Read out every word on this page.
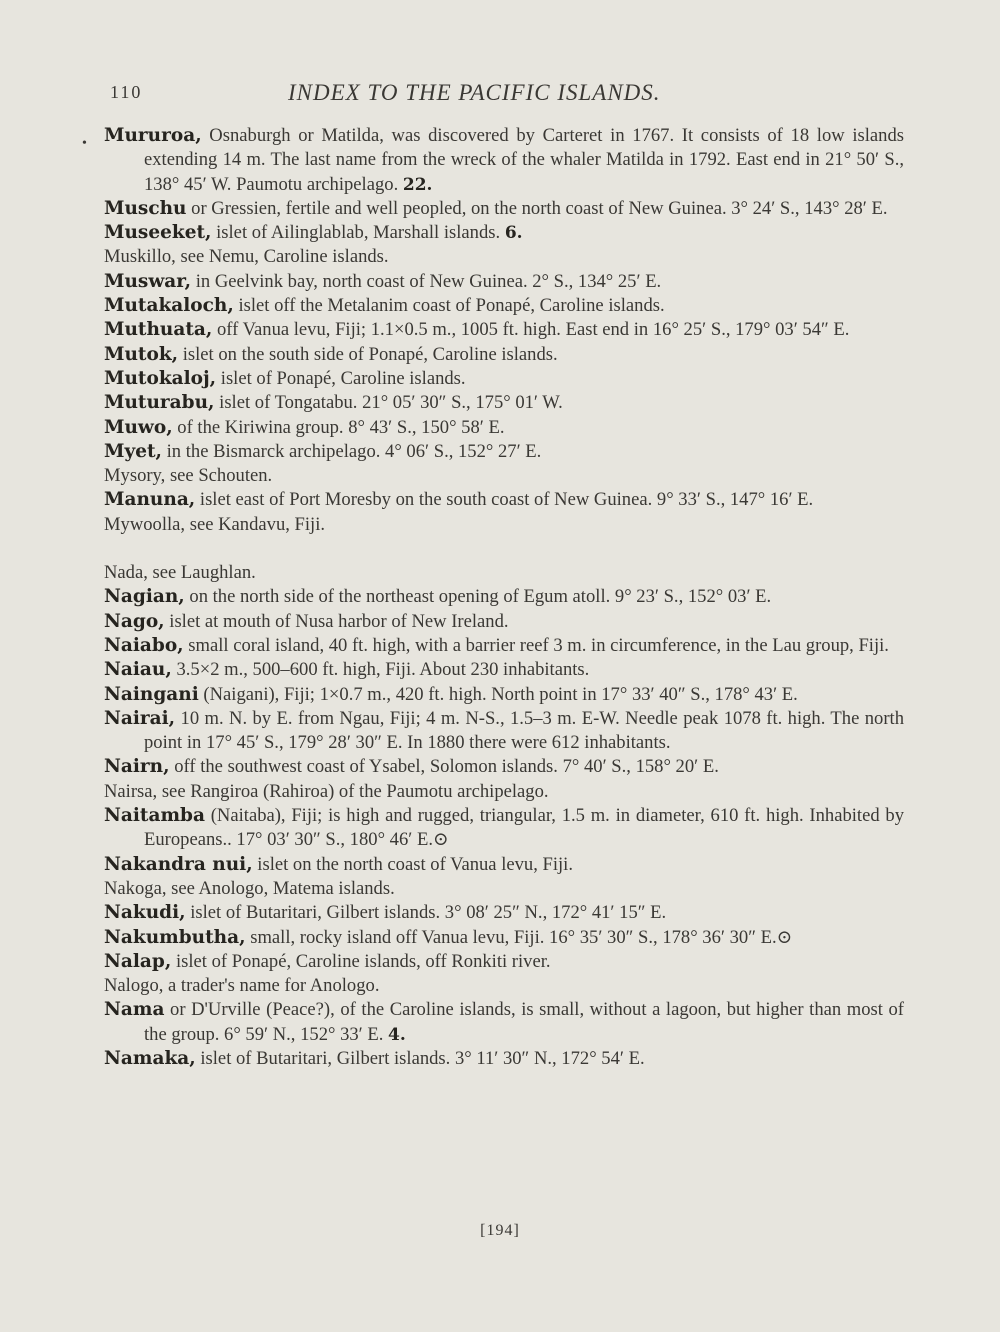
110	INDEX TO THE PACIFIC ISLANDS.
• Mururoa, Osnaburgh or Matilda, was discovered by Carteret in 1767. It consists of 18 low islands extending 14 m. The last name from the wreck of the whaler Matilda in 1792. East end in 21° 50′ S., 138° 45′ W. Paumotu archipelago. 22.
Muschu or Gressien, fertile and well peopled, on the north coast of New Guinea. 3° 24′ S., 143° 28′ E.
Museeket, islet of Ailinglablab, Marshall islands. 6.
Muskillo, see Nemu, Caroline islands.
Muswar, in Geelvink bay, north coast of New Guinea. 2° S., 134° 25′ E.
Mutakaloch, islet off the Metalanim coast of Ponapé, Caroline islands.
Muthuata, off Vanua levu, Fiji; 1.1×0.5 m., 1005 ft. high. East end in 16° 25′ S., 179° 03′ 54″ E.
Mutok, islet on the south side of Ponapé, Caroline islands.
Mutokaloj, islet of Ponapé, Caroline islands.
Muturabu, islet of Tongatabu. 21° 05′ 30″ S., 175° 01′ W.
Muwo, of the Kiriwina group. 8° 43′ S., 150° 58′ E.
Myet, in the Bismarck archipelago. 4° 06′ S., 152° 27′ E.
Mysory, see Schouten.
Manuna, islet east of Port Moresby on the south coast of New Guinea. 9° 33′ S., 147° 16′ E.
Mywoolla, see Kandavu, Fiji.
Nada, see Laughlan.
Nagian, on the north side of the northeast opening of Egum atoll. 9° 23′ S., 152° 03′ E.
Nago, islet at mouth of Nusa harbor of New Ireland.
Naiabo, small coral island, 40 ft. high, with a barrier reef 3 m. in circumference, in the Lau group, Fiji.
Naiau, 3.5×2 m., 500–600 ft. high, Fiji. About 230 inhabitants.
Naingani (Naigani), Fiji; 1×0.7 m., 420 ft. high. North point in 17° 33′ 40″ S., 178° 43′ E.
Nairai, 10 m. N. by E. from Ngau, Fiji; 4 m. N-S., 1.5–3 m. E-W. Needle peak 1078 ft. high. The north point in 17° 45′ S., 179° 28′ 30″ E. In 1880 there were 612 inhabitants.
Nairn, off the southwest coast of Ysabel, Solomon islands. 7° 40′ S., 158° 20′ E.
Nairsa, see Rangiroa (Rahiroa) of the Paumotu archipelago.
Naitamba (Naitaba), Fiji; is high and rugged, triangular, 1.5 m. in diameter, 610 ft. high. Inhabited by Europeans.. 17° 03′ 30″ S., 180° 46′ E.⊙
Nakandra nui, islet on the north coast of Vanua levu, Fiji.
Nakoga, see Anologo, Matema islands.
Nakudi, islet of Butaritari, Gilbert islands. 3° 08′ 25″ N., 172° 41′ 15″ E.
Nakumbutha, small, rocky island off Vanua levu, Fiji. 16° 35′ 30″ S., 178° 36′ 30″ E.⊙
Nalap, islet of Ponapé, Caroline islands, off Ronkiti river.
Nalogo, a trader's name for Anologo.
Nama or D'Urville (Peace?), of the Caroline islands, is small, without a lagoon, but higher than most of the group. 6° 59′ N., 152° 33′ E. 4.
Namaka, islet of Butaritari, Gilbert islands. 3° 11′ 30″ N., 172° 54′ E.
[194]
